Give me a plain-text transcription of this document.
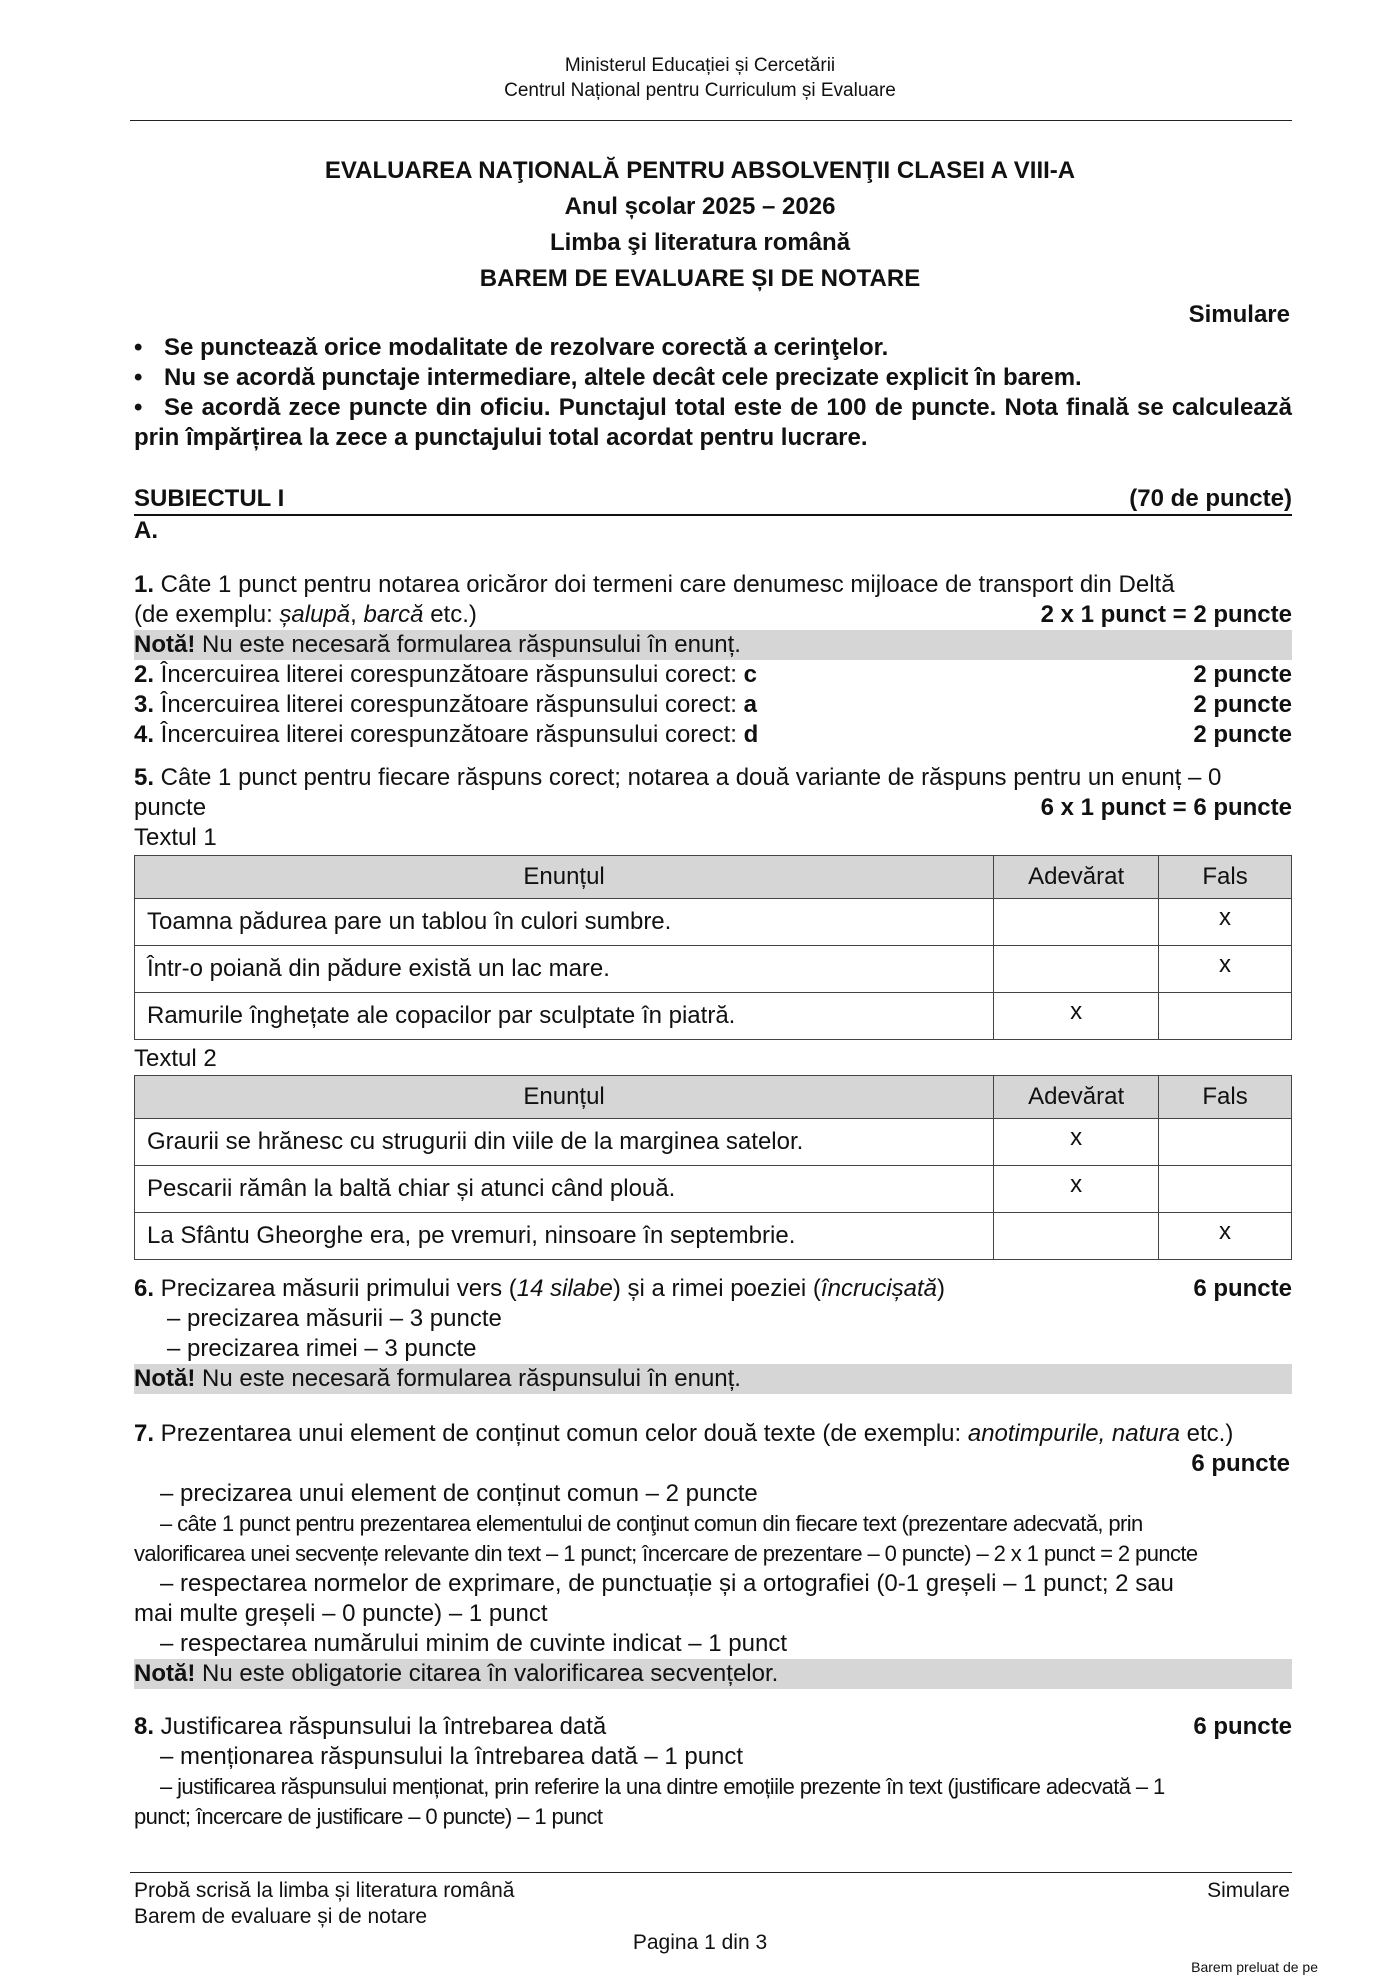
Ministerul Educației și Cercetării
Centrul Național pentru Curriculum și Evaluare
EVALUAREA NAŢIONALĂ PENTRU ABSOLVENŢII CLASEI A VIII-A
Anul școlar 2025 – 2026
Limba şi literatura română
BAREM DE EVALUARE ȘI DE NOTARE
Simulare
• Se punctează orice modalitate de rezolvare corectă a cerinţelor.
• Nu se acordă punctaje intermediare, altele decât cele precizate explicit în barem.
• Se acordă zece puncte din oficiu. Punctajul total este de 100 de puncte. Nota finală se calculează prin împărțirea la zece a punctajului total acordat pentru lucrare.
SUBIECTUL I	(70 de puncte)
A.
1. Câte 1 punct pentru notarea oricăror doi termeni care denumesc mijloace de transport din Deltă
(de exemplu: șalupă, barcă etc.)	2 x 1 punct = 2 puncte
Notă! Nu este necesară formularea răspunsului în enunț.
2. Încercuirea literei corespunzătoare răspunsului corect: c	2 puncte
3. Încercuirea literei corespunzătoare răspunsului corect: a	2 puncte
4. Încercuirea literei corespunzătoare răspunsului corect: d	2 puncte
5. Câte 1 punct pentru fiecare răspuns corect; notarea a două variante de răspuns pentru un enunț – 0
puncte	6 x 1 punct = 6 puncte
Textul 1
Enunțul	Adevărat	Fals
Toamna pădurea pare un tablou în culori sumbre.		x
Într-o poiană din pădure există un lac mare.		x
Ramurile înghețate ale copacilor par sculptate în piatră.	x	
Textul 2
Enunțul	Adevărat	Fals
Graurii se hrănesc cu strugurii din viile de la marginea satelor.	x	
Pescarii rămân la baltă chiar și atunci când plouă.	x	
La Sfântu Gheorghe era, pe vremuri, ninsoare în septembrie.		x
6. Precizarea măsurii primului vers (14 silabe) și a rimei poeziei (încrucișată)	6 puncte
– precizarea măsurii – 3 puncte
– precizarea rimei – 3 puncte
Notă! Nu este necesară formularea răspunsului în enunț.
7. Prezentarea unui element de conținut comun celor două texte (de exemplu: anotimpurile, natura etc.)
6 puncte
– precizarea unui element de conținut comun – 2 puncte
– câte 1 punct pentru prezentarea elementului de conţinut comun din fiecare text (prezentare adecvată, prin
valorificarea unei secvențe relevante din text – 1 punct; încercare de prezentare – 0 puncte) – 2 x 1 punct = 2 puncte
– respectarea normelor de exprimare, de punctuație și a ortografiei (0-1 greșeli – 1 punct; 2 sau
mai multe greșeli – 0 puncte) – 1 punct
– respectarea numărului minim de cuvinte indicat – 1 punct
Notă! Nu este obligatorie citarea în valorificarea secvențelor.
8. Justificarea răspunsului la întrebarea dată	6 puncte
– menționarea răspunsului la întrebarea dată – 1 punct
– justificarea răspunsului menționat, prin referire la una dintre emoțiile prezente în text (justificare adecvată – 1
punct; încercare de justificare – 0 puncte) – 1 punct
Probă scrisă la limba și literatura română
Barem de evaluare și de notare
Simulare
Pagina 1 din 3
Barem preluat de pe
